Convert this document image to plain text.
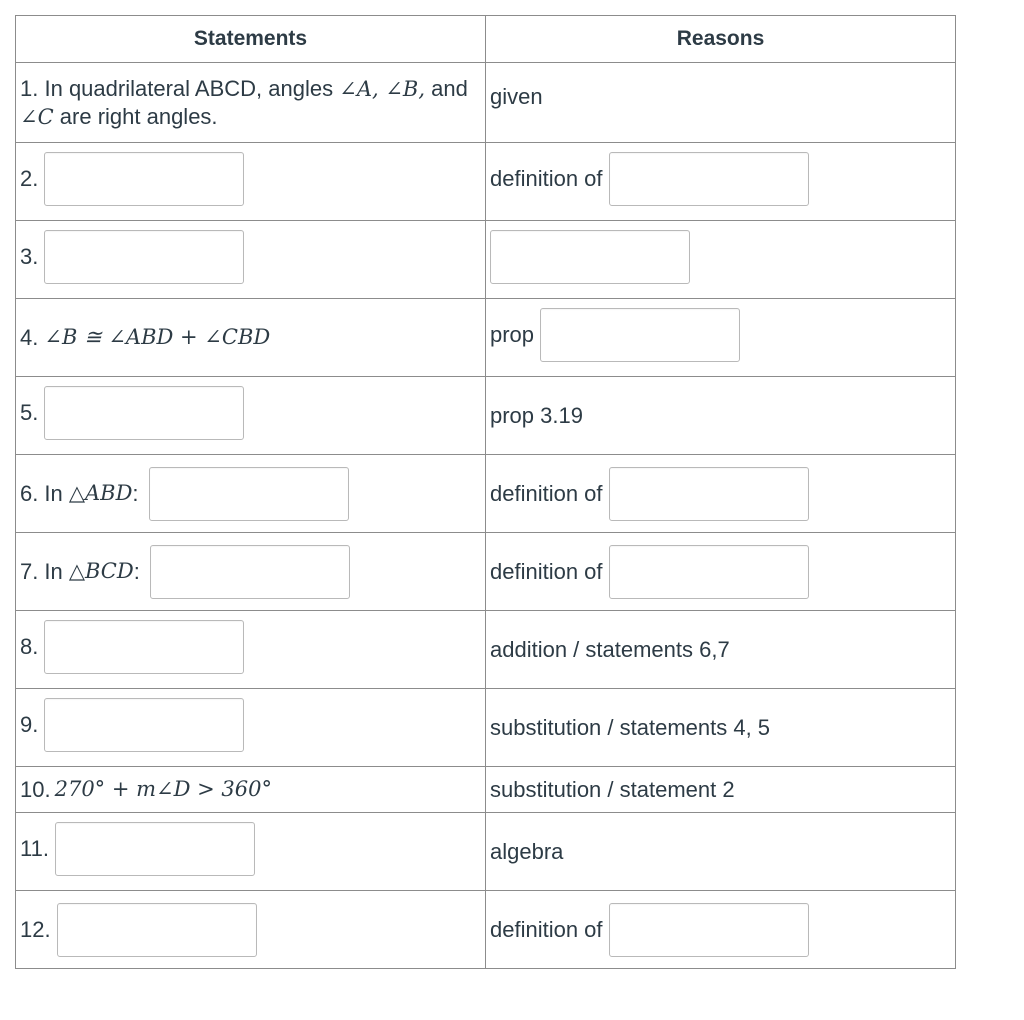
Statements	Reasons

1. In quadrilateral ABCD, angles ∠A, ∠B, and
∠C are right angles.	given

2.	definition of

3.	

4. ∠B ≅ ∠ABD + ∠CBD	prop

5.	prop 3.19

6. In △ABD :	definition of

7. In △BCD :	definition of

8.	addition / statements 6,7

9.	substitution / statements 4, 5

10. 270° + m∠D > 360°	substitution / statement 2

11.	algebra

12.	definition of
